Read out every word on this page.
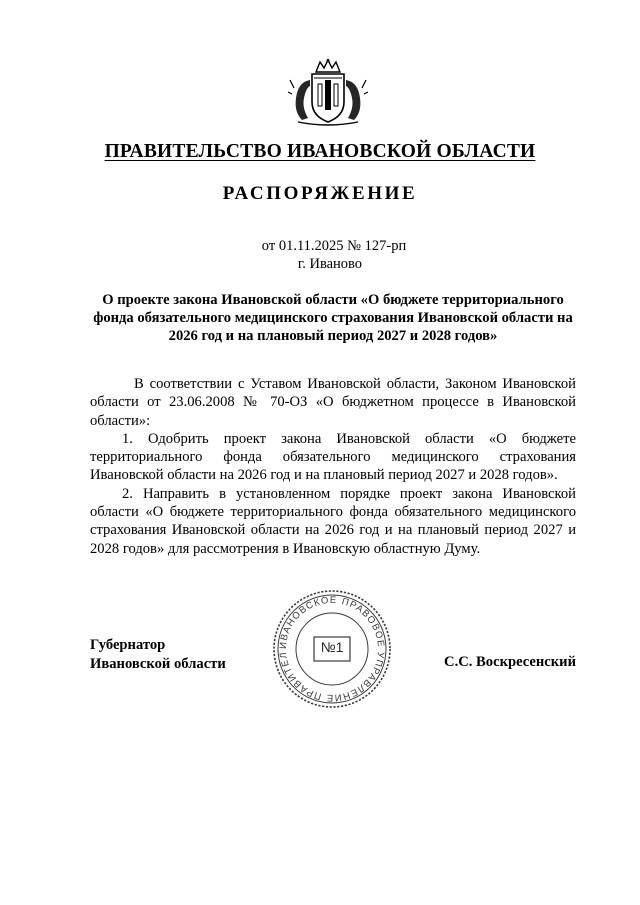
ПРАВИТЕЛЬСТВО ИВАНОВСКОЙ ОБЛАСТИ
РАСПОРЯЖЕНИЕ
от 01.11.2025 № 127-рп
г. Иваново
О проекте закона Ивановской области «О бюджете территориального фонда обязательного медицинского страхования Ивановской области на 2026 год и на плановый период 2027 и 2028 годов»

В соответствии с Уставом Ивановской области, Законом Ивановской области от 23.06.2008 № 70-ОЗ «О бюджетном процессе в Ивановской области»:

1. Одобрить проект закона Ивановской области «О бюджете территориального фонда обязательного медицинского страхования Ивановской области на 2026 год и на плановый период 2027 и 2028 годов».

2. Направить в установленном порядке проект закона Ивановской области «О бюджете территориального фонда обязательного медицинского страхования Ивановской области на 2026 год и на плановый период 2027 и 2028 годов» для рассмотрения в Ивановскую областную Думу.

Губернатор
Ивановской области
ИВАНОВСКОЕ ПРАВОВОЕ УПРАВЛЕНИЕ ПРАВИТЕЛ	№1
С.С. Воскресенский
